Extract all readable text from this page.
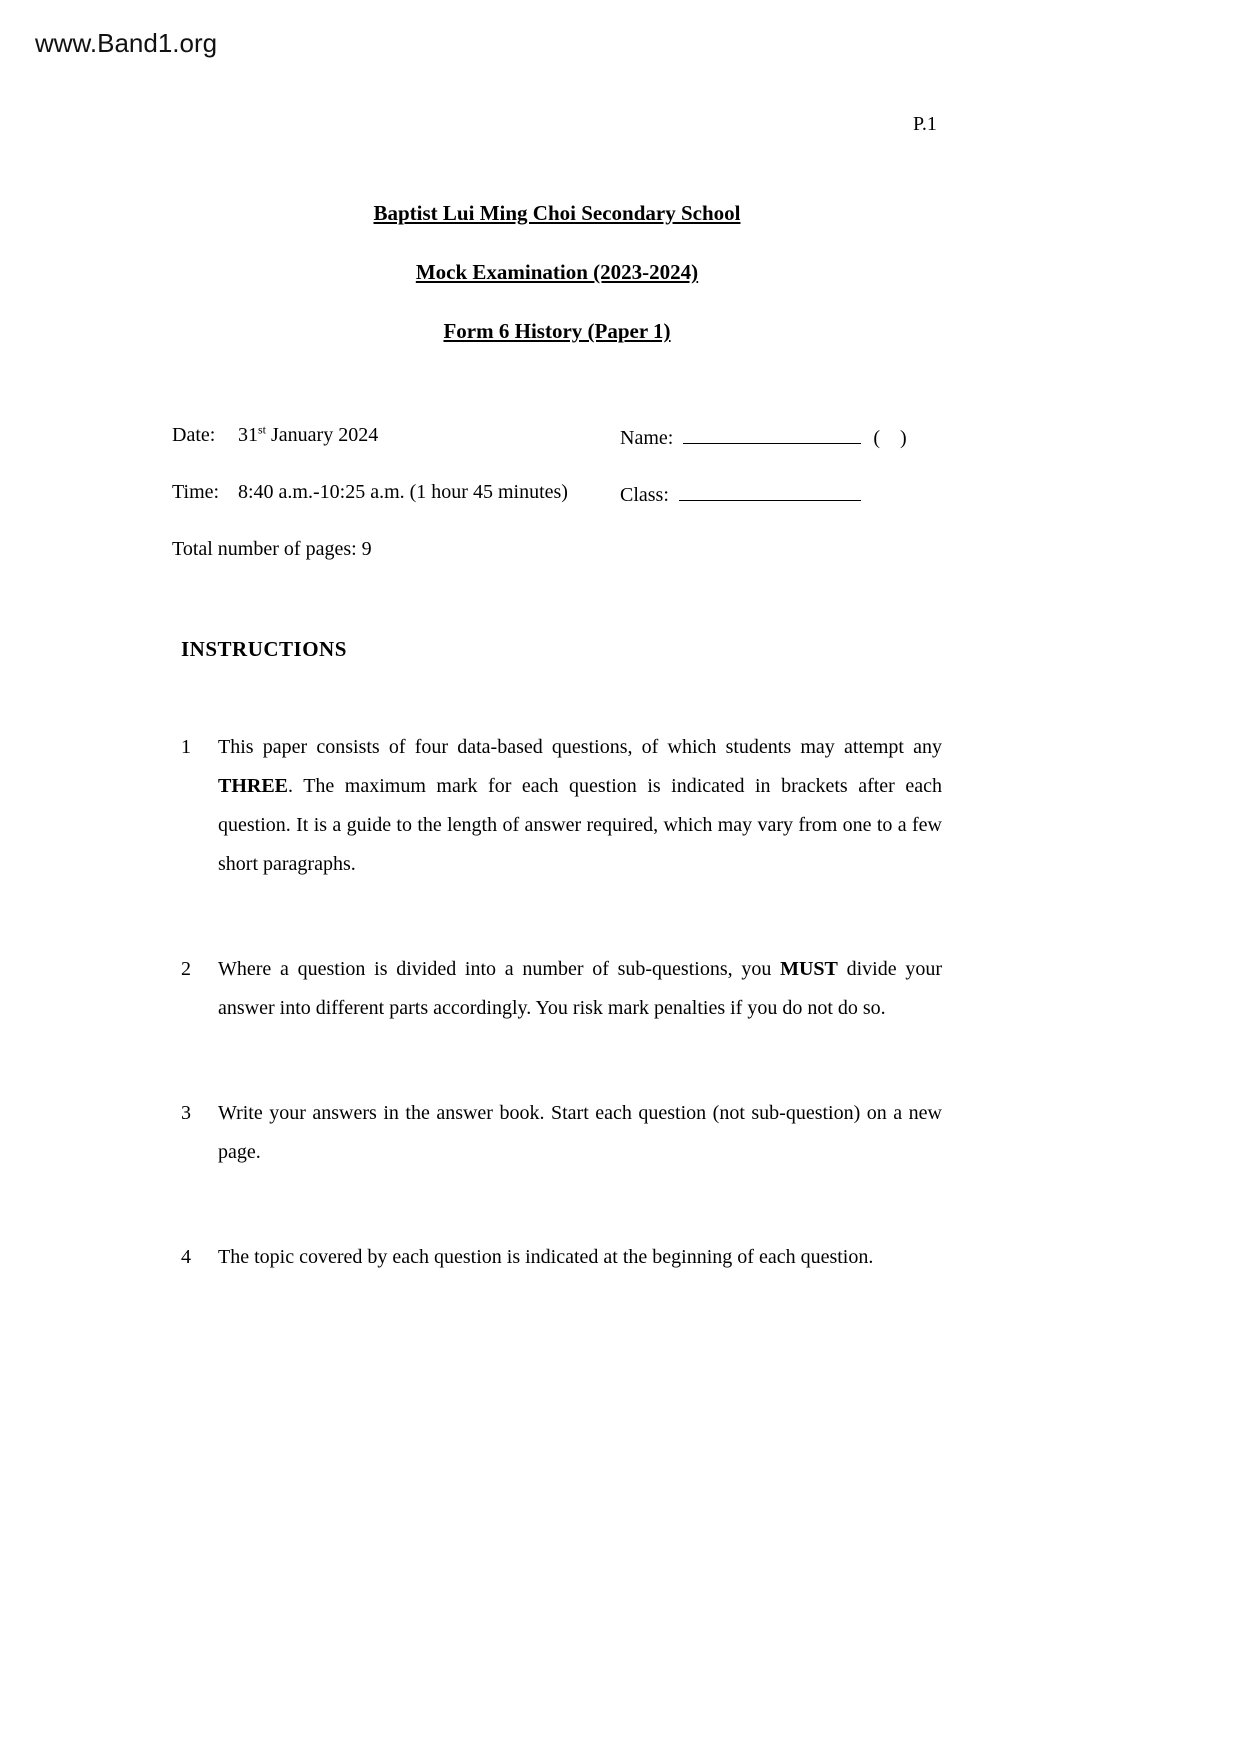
www.Band1.org
P.1
Baptist Lui Ming Choi Secondary School
Mock Examination (2023-2024)
Form 6 History (Paper 1)
Date: 31st January 2024	Name:	(    )
Time: 8:40 a.m.-10:25 a.m. (1 hour 45 minutes)	Class:
Total number of pages: 9
INSTRUCTIONS
1	This paper consists of four data-based questions, of which students may attempt any THREE. The maximum mark for each question is indicated in brackets after each question. It is a guide to the length of answer required, which may vary from one to a few short paragraphs.
2	Where a question is divided into a number of sub-questions, you MUST divide your answer into different parts accordingly. You risk mark penalties if you do not do so.
3	Write your answers in the answer book. Start each question (not sub-question) on a new page.
4	The topic covered by each question is indicated at the beginning of each question.
